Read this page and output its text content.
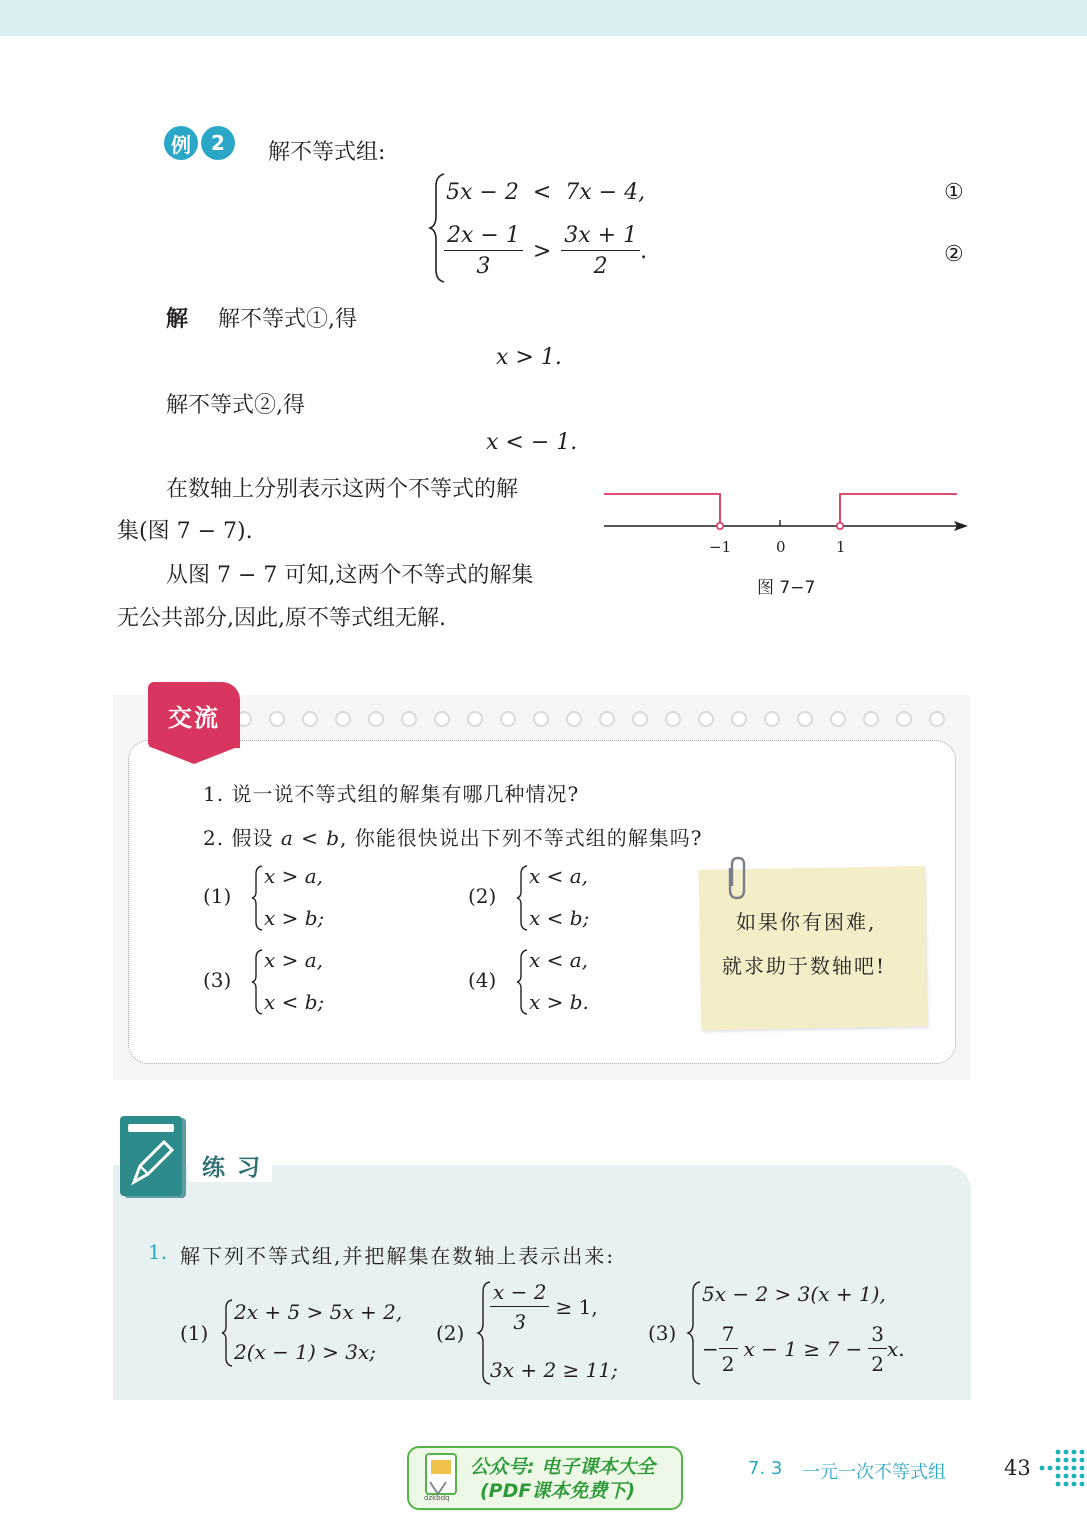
例	2	解不等式组:
5x − 2 < 7x − 4,	①
$\frac{2x - 1}{3} > \frac{3x + 1}{2}$ .	②
解 解不等式①,得
x > 1.
解不等式②,得
x < − 1.
在数轴上分别表示这两个不等式的解
集(图 7 − 7).
从图 7 − 7 可知,这两个不等式的解集
无公共部分,因此,原不等式组无解.
−1	0	1
图 7−7
交流
1. 说一说不等式组的解集有哪几种情况?
2. 假设 a < b, 你能很快说出下列不等式组的解集吗?
(1)
x > a,
x > b;
(2)
x < a,
x < b;
(3)
x > a,
x < b;
(4)
x < a,
x > b.
如果你有困难,
就求助于数轴吧!
练 习
1. 解下列不等式组,并把解集在数轴上表示出来:
(1)
2x + 5 > 5x + 2,
2(x − 1) > 3x;
$(2) \frac{x - 2}{3} \ge 1$,
3x + 2 ≥ 11;
(3)
5x − 2 > 3(x + 1),
− $\frac{7}{2}$ $x - 1 \ge 7 - \frac{3}{2} x$.
dzkbdq
公众号: 电子课本大全
(PDF课本免费下)
7. 3 一元一次不等式组	43
